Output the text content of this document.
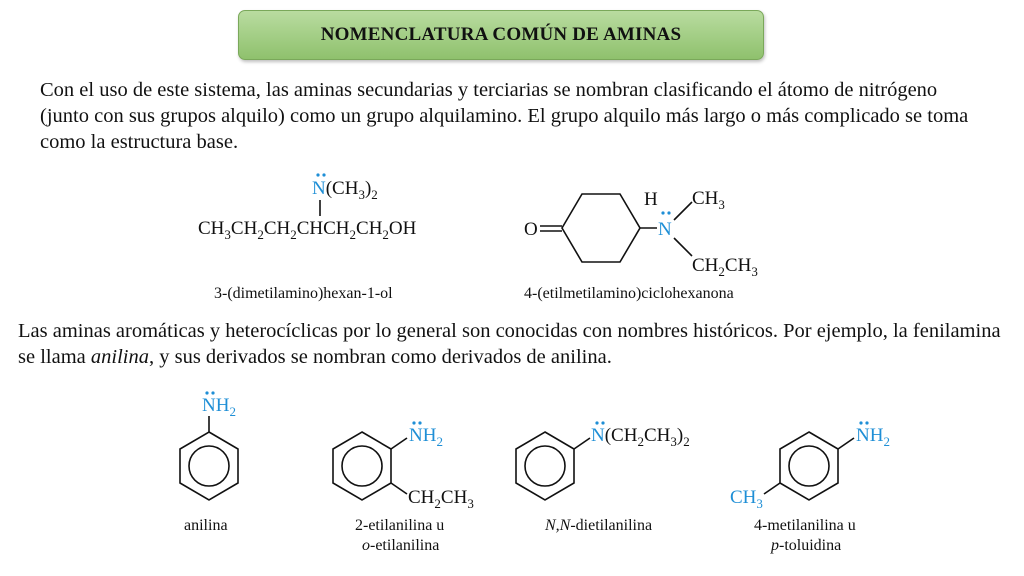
NOMENCLATURA COMÚN DE AMINAS

Con el uso de este sistema, las aminas secundarias y terciarias se nombran clasificando el átomo de nitrógeno (junto con sus grupos alquilo) como un grupo alquilamino. El grupo alquilo más largo o más complicado se toma como la estructura base.

Las aminas aromáticas y heterocíclicas por lo general son conocidas con nombres históricos. Por ejemplo, la fenilamina se llama anilina, y sus derivados se nombran como derivados de anilina.

$N(CH_3)_2$
$CH_3CH_2CH_2CHCH_2CH_2OH$
3-(dimetilamino)hexan-1-ol
O
H
N
$CH_3$
$CH_2CH_3$
4-(etilmetilamino)ciclohexanona
$NH_2$
anilina
$NH_2$
$CH_2CH_3$
2-etilanilina u
o-etilanilina
$N(CH_2CH_3)_2$
N,N-dietilanilina
$NH_2$
$CH_3$
4-metilanilina u
p-toluidina
